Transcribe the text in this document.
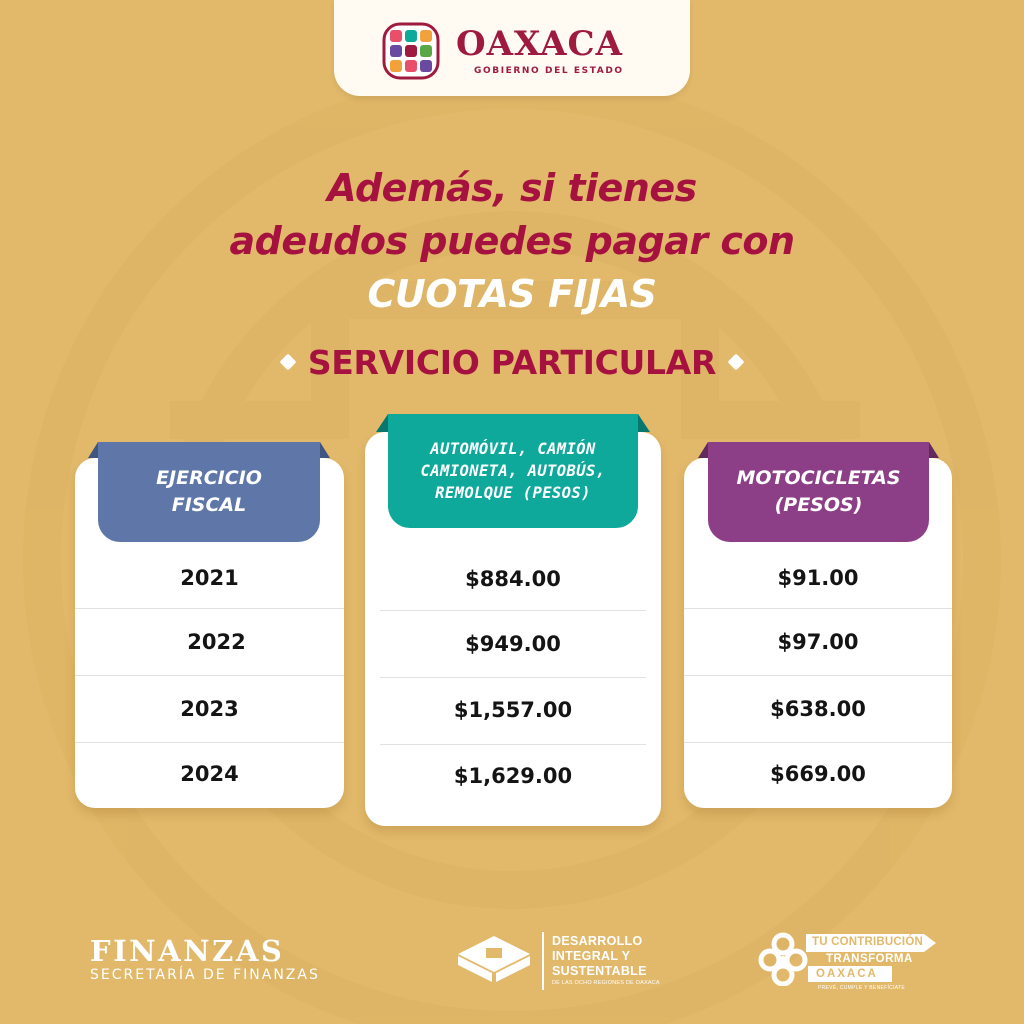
OAXACA
GOBIERNO DEL ESTADO
Además, si tienes
adeudos puedes pagar con
CUOTAS FIJAS
SERVICIO PARTICULAR
EJERCICIO
FISCAL
AUTOMÓVIL, CAMIÓN
CAMIONETA, AUTOBÚS,
REMOLQUE (PESOS)
MOTOCICLETAS
(PESOS)
2021
2022
2023
2024
$884.00
$949.00
$1,557.00
$1,629.00
$91.00
$97.00
$638.00
$669.00
FINANZAS
SECRETARÍA DE FINANZAS
DESARROLLO
INTEGRAL Y
SUSTENTABLE
DE LAS OCHO REGIONES DE OAXACA
TU CONTRIBUCIÓN
TRANSFORMA
OAXACA
PREVÉ, CUMPLE Y BENEFÍCIATE
